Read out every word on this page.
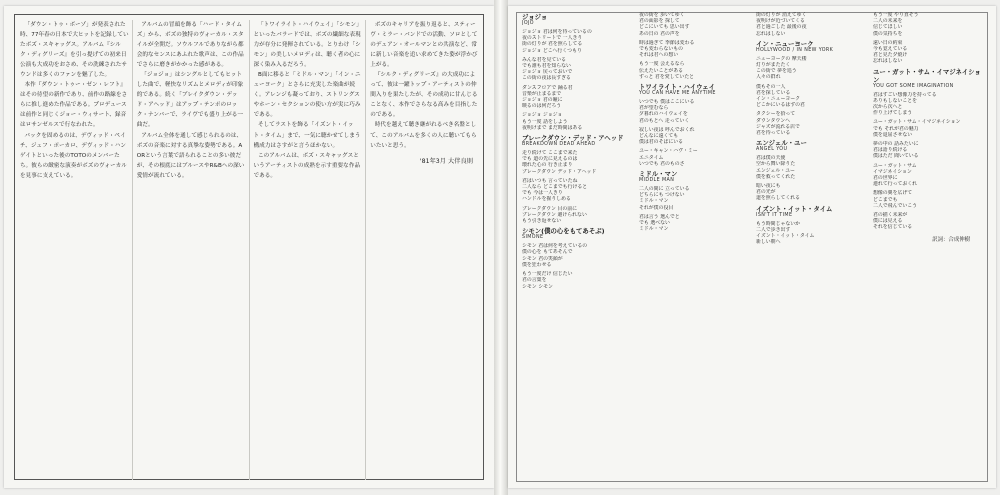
「ダウン・トゥ・ボーゾ」が発表された時、77年春の日本で大ヒットを記録していたボズ・スキャッグス。アルバム『シルク・ディグリーズ』を引っ提げての初来日公演も大成功をおさめ、その洗練されたサウンドは多くのファンを魅了した。

本作『ダウン・トゥー・ゼン・レフト』はその待望の新作であり、前作の路線をさらに推し進めた作品である。プロデュースは前作と同じくジョー・ウィサート、録音はロサンゼルスで行なわれた。

バックを固めるのは、デヴィッド・ペイチ、ジェフ・ポーカロ、デヴィッド・ハンゲイトといった後のTOTOのメンバーたち。彼らの緻密な演奏がボズのヴォーカルを見事に支えている。

アルバムの冒頭を飾る「ハード・タイムズ」から、ボズの独特のヴォーカル・スタイルが全開だ。ソウルフルでありながら都会的なセンスにあふれた歌声は、この作品でさらに磨きがかかった感がある。

「ジョジョ」はシングルとしてもヒットした曲で、軽快なリズムとメロディが印象的である。続く「ブレイクダウン・デッド・アヘッド」はアップ・テンポのロック・ナンバーで、ライヴでも盛り上がる一曲だ。

アルバム全体を通して感じられるのは、ボズの音楽に対する真摯な姿勢である。AORという言葉で語られることの多い彼だが、その根底にはブルースやR&Bへの深い愛情が流れている。

「トワイライト・ハイウェイ」「シモン」といったバラードでは、ボズの繊細な表現力が存分に発揮されている。とりわけ「シモン」の美しいメロディは、聴く者の心に深く染み入るだろう。

B面に移ると「ミドル・マン」「イン・ニューヨーク」とさらに充実した楽曲が続く。アレンジも凝っており、ストリングスやホーン・セクションの使い方が実に巧みである。

そしてラストを飾る「イズント・イット・タイム」まで、一気に聴かせてしまう構成力はさすがと言うほかない。

このアルバムは、ボズ・スキャッグスというアーティストの成熟を示す重要な作品である。

ボズのキャリアを振り返ると、スティーヴ・ミラー・バンドでの活動、ソロとしてのデュアン・オールマンとの共演など、常に新しい音楽を追い求めてきた姿が浮かび上がる。

『シルク・ディグリーズ』の大成功によって、彼は一躍トップ・アーティストの仲間入りを果たしたが、その成功に甘んじることなく、本作でさらなる高みを目指したのである。

時代を越えて聴き継がれるべき名盤として、このアルバムを多くの人に聴いてもらいたいと思う。

'81年3月 大伴良則
ジョジョ
JOJO
ジョジョ 君は何を待っているの
夜のストリートで 一人きり
街の灯りが 君を照らしてる
ジョジョ どこへ行くつもり
みんな君を見ている
でも誰も君を知らない
ジョジョ 戻っておいで
この街の夜は長すぎる
ダンスフロアで 踊る君
音楽が止まるまで
ジョジョ 君の瞳に
映るのは何だろう
ジョジョ ジョジョ
もう一度 話をしよう
夜明けまで まだ時間はある
ブレークダウン・デッド・アヘッド
BREAKDOWN DEAD AHEAD
走り続けて ここまで来た
でも 道の先に見えるのは
壊れた心の 行き止まり
ブレークダウン デッド・アヘッド
君はいつも 言っていたね
二人なら どこまでも行けると
でも 今は一人きり
ハンドルを握りしめる
ブレークダウン 目の前に
ブレークダウン 避けられない
もう引き返せない
シモン(僕の心をもてあそぶ)
SIMONE
シモン 君は何を考えているの
僕の心を もてあそんで
シモン 君の笑顔が
僕を狂わせる
もう一度だけ 信じたい
君の言葉を
シモン シモン
夜の街を 歩いてゆく
君の面影を 探して
どこにいても 思い出す
あの日の 君の声を
時は過ぎて 季節は変わる
でも変わらないもの
それは君への想い
もう一度 会えるなら
伝えたいことがある
ずっと 君を愛していたと
トワイライト・ハイウェイ
YOU CAN HAVE ME ANYTIME
いつでも 僕はここにいる
君が望むなら
夕暮れのハイウェイを
君のもとへ 走っていく
寂しい夜は 呼んでおくれ
どんなに遠くても
僕は君のそばにいる
ユー・キャン・ハヴ・ミー
エニタイム
いつでも 君のものさ
ミドル・マン
MIDDLE MAN
二人の間に 立っている
どちらにも つけない
ミドル・マン
それが僕の役目
君は言う 選んでと
でも 選べない
ミドル・マン
街の灯りが 消えてゆく
夜明けが近づいてくる
君と過ごした 最後の夜
忘れはしない
イン・ニューヨーク
HOLLYWOOD / IN NEW YORK
ニューヨークの 摩天楼
灯りがまたたく
この街で 夢を追う
人々の群れ
僕もその一人
君を探している
イン・ニューヨーク
どこかにいるはずの君
タクシーを拾って
ダウンタウンへ
ジャズが流れる店で
君を待っている
エンジェル・ユー
ANGEL YOU
君は僕の天使
空から舞い降りた
エンジェル・ユー
僕を救ってくれた
暗い夜にも
君の光が
道を照らしてくれる
イズント・イット・タイム
ISN'T IT TIME
もう時間じゃないか
二人で歩き出す
イズント・イット・タイム
新しい朝へ
もう一度 やり直そう
二人の未来を
信じてほしい
僕の気持ちを
遠い日の約束
今も覚えている
君と見た夕焼け
忘れはしない
ユー・ガット・サム・イマジネイション
YOU GOT SOME IMAGINATION
君はすごい想像力を持ってる
ありもしないことを
次から次へと
作り上げてしまう
ユー・ガット・サム・イマジネイション
でも それが君の魅力
僕を退屈させない
夢の中の 話みたいに
君は語り続ける
僕はただ 聞いている
ユー・ガット・サム
イマジネイション
君の世界に
連れて行っておくれ
想像の翼を広げて
どこまでも
二人で飛んでいこう
君の描く未来が
僕には見える
それを信じている
訳詞：合成伸樹
